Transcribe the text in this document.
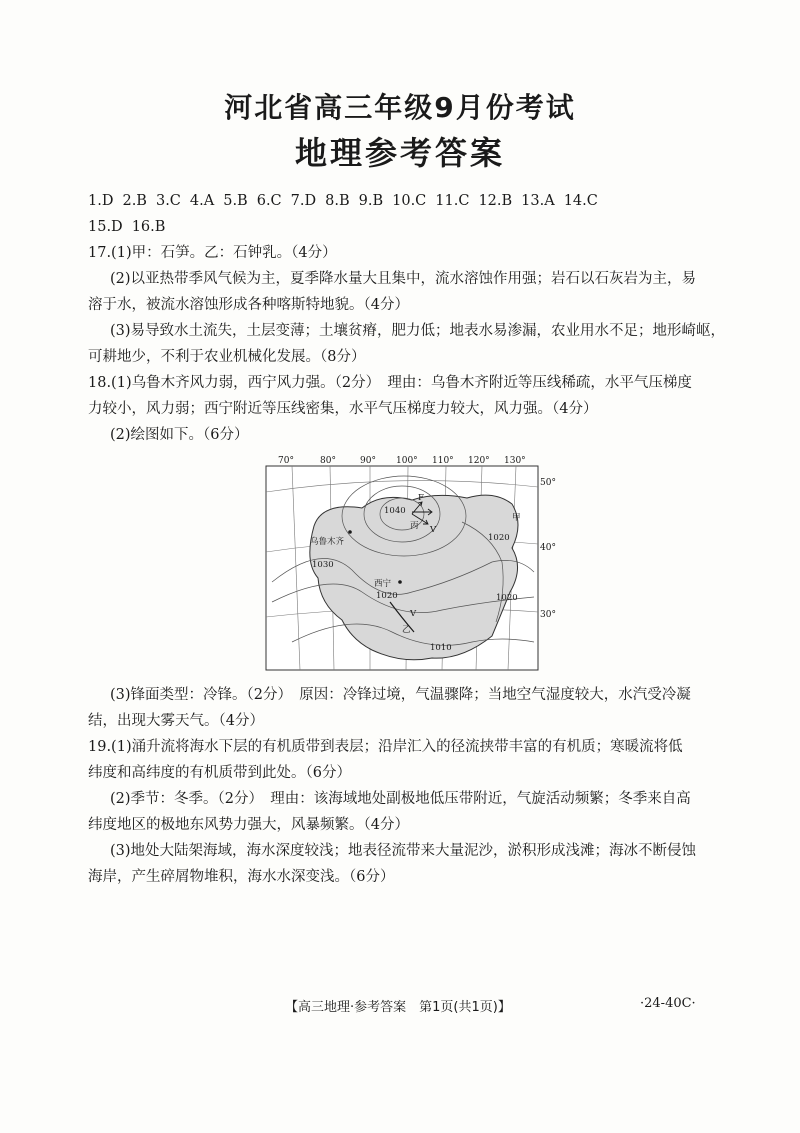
河北省高三年级9月份考试
地理参考答案
1.D 2.B 3.C 4.A 5.B 6.C 7.D 8.B 9.B 10.C 11.C 12.B 13.A 14.C
15.D 16.B
17.(1)甲：石笋。乙：石钟乳。（4分）
(2)以亚热带季风气候为主，夏季降水量大且集中，流水溶蚀作用强；岩石以石灰岩为主，易
溶于水，被流水溶蚀形成各种喀斯特地貌。（4分）
(3)易导致水土流失，土层变薄；土壤贫瘠，肥力低；地表水易渗漏，农业用水不足；地形崎岖，
可耕地少，不利于农业机械化发展。（8分）
18.(1)乌鲁木齐风力弱，西宁风力强。（2分）　理由：乌鲁木齐附近等压线稀疏，水平气压梯度
力较小，风力弱；西宁附近等压线密集，水平气压梯度力较大，风力强。（4分）
(2)绘图如下。（6分）
70°	80°	90° 100° 110° 120° 130°
50°
40°
30°
1040
1030
1020
1020
1020
1010
乌鲁木齐
西宁
丙
甲
乙
F
V
V
(3)锋面类型：冷锋。（2分）　原因：冷锋过境，气温骤降；当地空气湿度较大，水汽受冷凝
结，出现大雾天气。（4分）
19.(1)涌升流将海水下层的有机质带到表层；沿岸汇入的径流挟带丰富的有机质；寒暖流将低
纬度和高纬度的有机质带到此处。（6分）
(2)季节：冬季。（2分）　理由：该海域地处副极地低压带附近，气旋活动频繁；冬季来自高
纬度地区的极地东风势力强大，风暴频繁。（4分）
(3)地处大陆架海域，海水深度较浅；地表径流带来大量泥沙，淤积形成浅滩；海冰不断侵蚀
海岸，产生碎屑物堆积，海水水深变浅。（6分）
【高三地理·参考答案　第1页(共1页)】	·24-40C·
